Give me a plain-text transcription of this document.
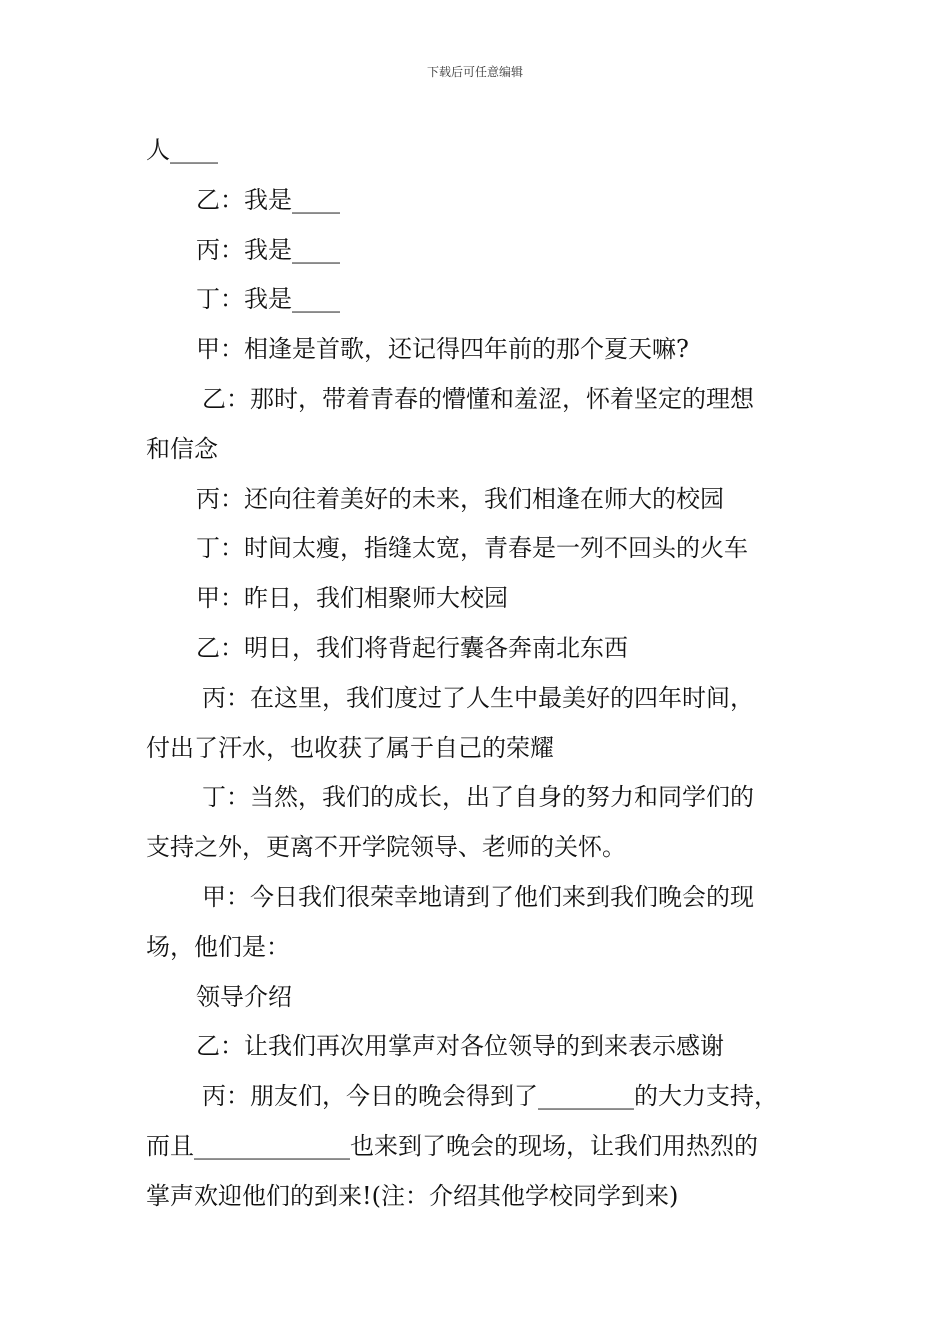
下载后可任意编辑
人____
乙：我是____
丙：我是____
丁：我是____
甲：相逢是首歌，还记得四年前的那个夏天嘛?
乙：那时，带着青春的懵懂和羞涩，怀着坚定的理想
和信念
丙：还向往着美好的未来，我们相逢在师大的校园
丁：时间太瘦，指缝太宽，青春是一列不回头的火车
甲：昨日，我们相聚师大校园
乙：明日，我们将背起行囊各奔南北东西
丙：在这里，我们度过了人生中最美好的四年时间，
付出了汗水，也收获了属于自己的荣耀
丁：当然，我们的成长，出了自身的努力和同学们的
支持之外，更离不开学院领导、老师的关怀。
甲：今日我们很荣幸地请到了他们来到我们晚会的现
场，他们是：
领导介绍
乙：让我们再次用掌声对各位领导的到来表示感谢
丙：朋友们，今日的晚会得到了________的大力支持，
而且_____________也来到了晚会的现场，让我们用热烈的
掌声欢迎他们的到来!(注：介绍其他学校同学到来)
